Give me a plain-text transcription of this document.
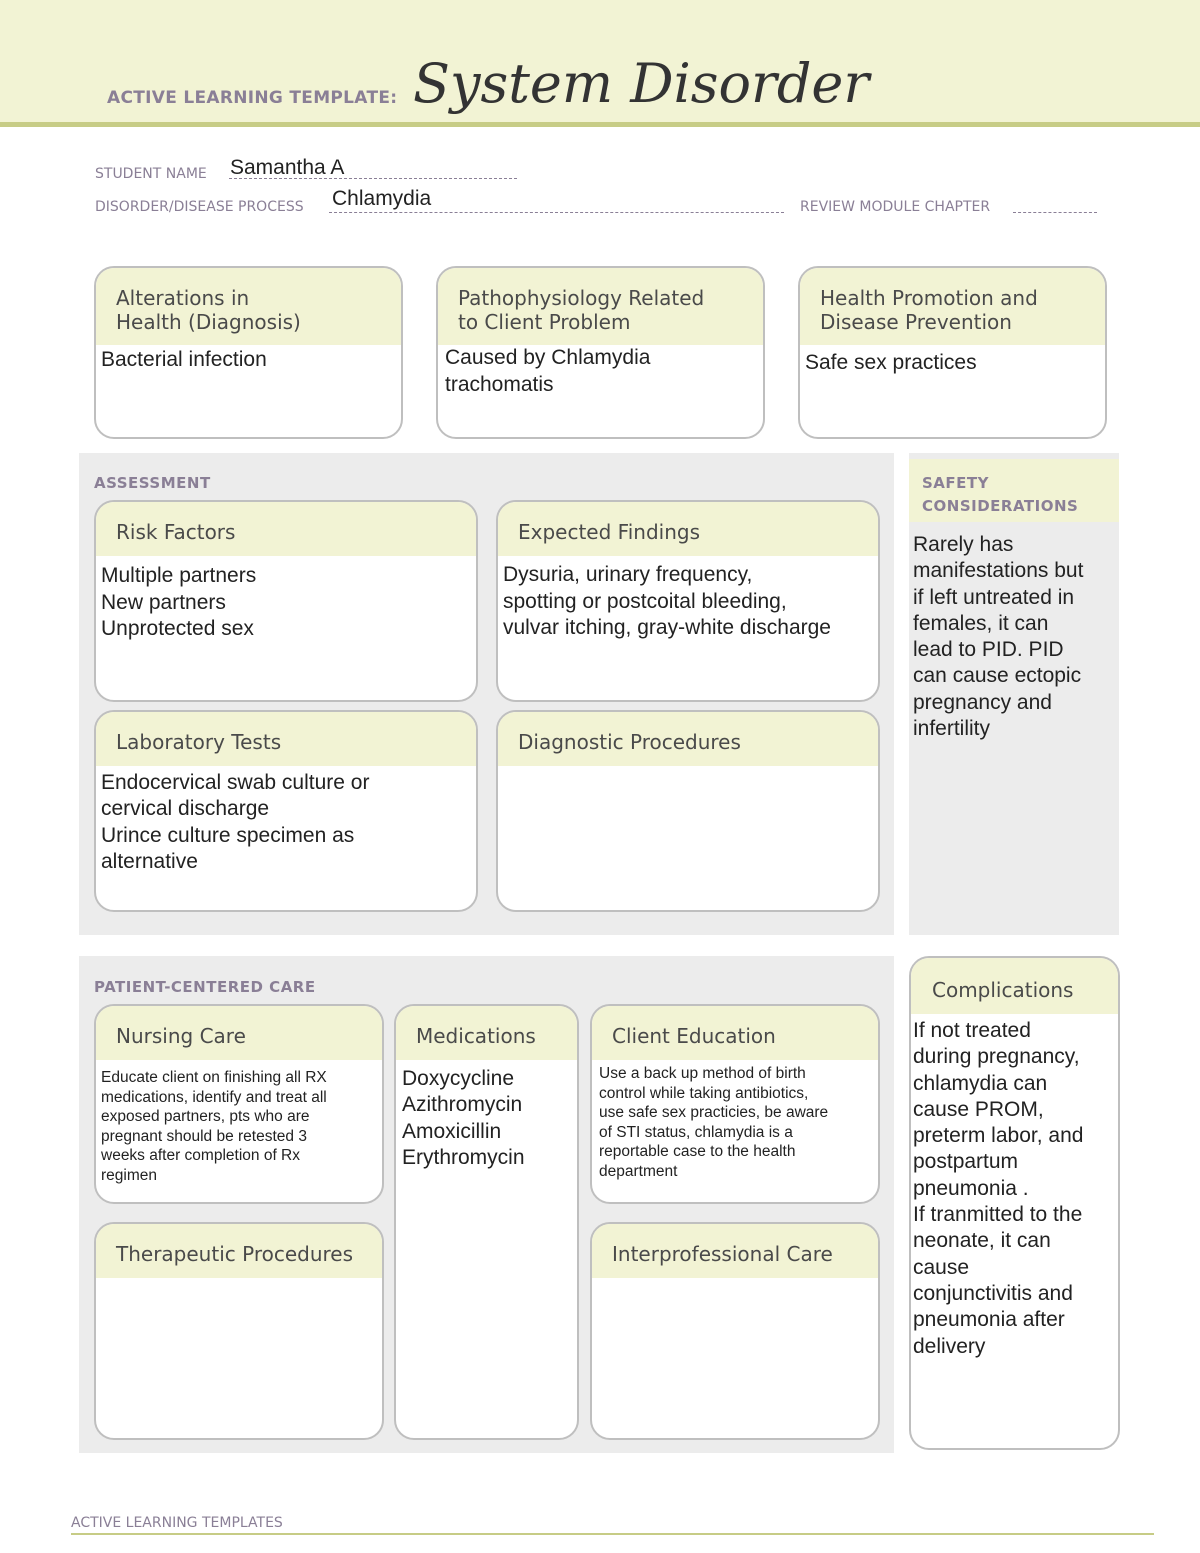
ACTIVE LEARNING TEMPLATE: System Disorder
STUDENT NAME Samantha A
DISORDER/DISEASE PROCESS Chlamydia	REVIEW MODULE CHAPTER
Alterations in
Health (Diagnosis)
Bacterial infection
Pathophysiology Related
to Client Problem
Caused by Chlamydia
trachomatis
Health Promotion and
Disease Prevention
Safe sex practices
ASSESSMENT
Risk Factors
Multiple partners
New partners
Unprotected sex
Expected Findings
Dysuria, urinary frequency,
spotting or postcoital bleeding,
vulvar itching, gray-white discharge
Laboratory Tests
Endocervical swab culture or
cervical discharge
Urince culture specimen as
alternative
Diagnostic Procedures
SAFETY
CONSIDERATIONS
Rarely has
manifestations but
if left untreated in
females, it can
lead to PID. PID
can cause ectopic
pregnancy and
infertility
PATIENT-CENTERED CARE
Nursing Care
Educate client on finishing all RX
medications, identify and treat all
exposed partners, pts who are
pregnant should be retested 3
weeks after completion of Rx
regimen
Medications
Doxycycline
Azithromycin
Amoxicillin
Erythromycin
Client Education
Use a back up method of birth
control while taking antibiotics,
use safe sex practicies, be aware
of STI status, chlamydia is a
reportable case to the health
department
Therapeutic Procedures	Interprofessional Care
Complications
If not treated
during pregnancy,
chlamydia can
cause PROM,
preterm labor, and
postpartum
pneumonia .
If tranmitted to the
neonate, it can
cause
conjunctivitis and
pneumonia after
delivery
ACTIVE LEARNING TEMPLATES
